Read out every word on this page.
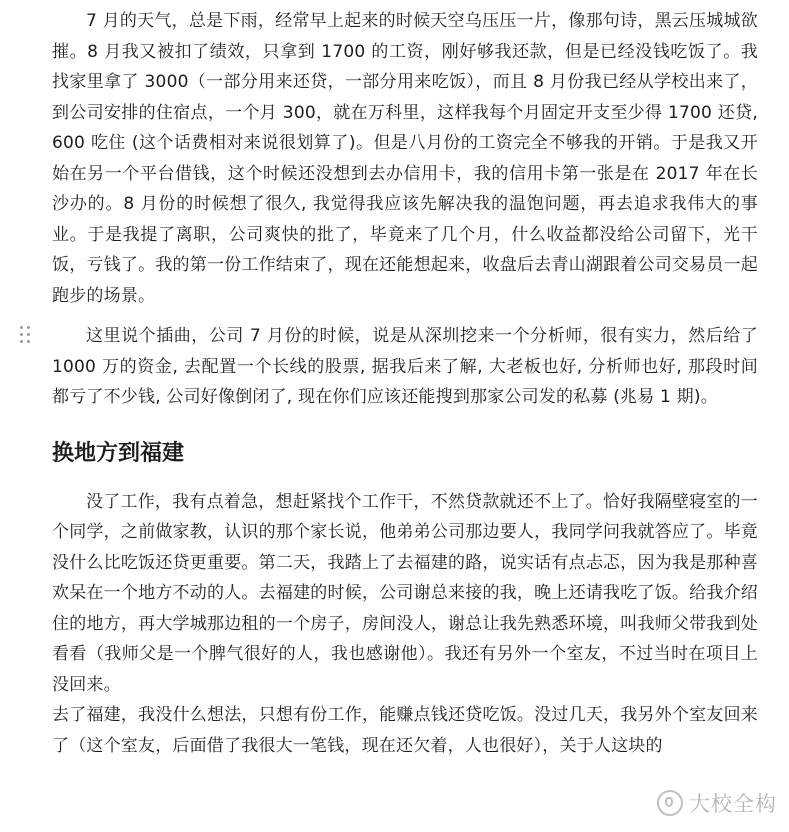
7 月的天气，总是下雨，经常早上起来的时候天空乌压压一片，像那句诗，黑云压城城欲摧。8 月我又被扣了绩效，只拿到 1700 的工资，刚好够我还款，但是已经没钱吃饭了。我找家里拿了 3000（一部分用来还贷，一部分用来吃饭），而且 8 月份我已经从学校出来了，到公司安排的住宿点，一个月 300，就在万科里，这样我每个月固定开支至少得 1700 还贷, 600 吃住 (这个话费相对来说很划算了)。但是八月份的工资完全不够我的开销。于是我又开始在另一个平台借钱，这个时候还没想到去办信用卡，我的信用卡第一张是在 2017 年在长沙办的。8 月份的时候想了很久, 我觉得我应该先解决我的温饱问题，再去追求我伟大的事业。于是我提了离职，公司爽快的批了，毕竟来了几个月，什么收益都没给公司留下，光干饭，亏钱了。我的第一份工作结束了，现在还能想起来，收盘后去青山湖跟着公司交易员一起跑步的场景。

这里说个插曲，公司 7 月份的时候，说是从深圳挖来一个分析师，很有实力，然后给了 1000 万的资金, 去配置一个长线的股票, 据我后来了解, 大老板也好, 分析师也好, 那段时间都亏了不少钱, 公司好像倒闭了, 现在你们应该还能搜到那家公司发的私募 (兆易 1 期)。

换地方到福建

没了工作，我有点着急，想赶紧找个工作干，不然贷款就还不上了。恰好我隔壁寝室的一个同学，之前做家教，认识的那个家长说，他弟弟公司那边要人，我同学问我就答应了。毕竟没什么比吃饭还贷更重要。第二天，我踏上了去福建的路，说实话有点忐忑，因为我是那种喜欢呆在一个地方不动的人。去福建的时候，公司谢总来接的我，晚上还请我吃了饭。给我介绍住的地方，再大学城那边租的一个房子，房间没人，谢总让我先熟悉环境，叫我师父带我到处看看（我师父是一个脾气很好的人，我也感谢他）。我还有另外一个室友，不过当时在项目上没回来。

去了福建，我没什么想法，只想有份工作，能赚点钱还贷吃饭。没过几天，我另外个室友回来了（这个室友，后面借了我很大一笔钱，现在还欠着，人也很好），关于人这块的

大校全构
